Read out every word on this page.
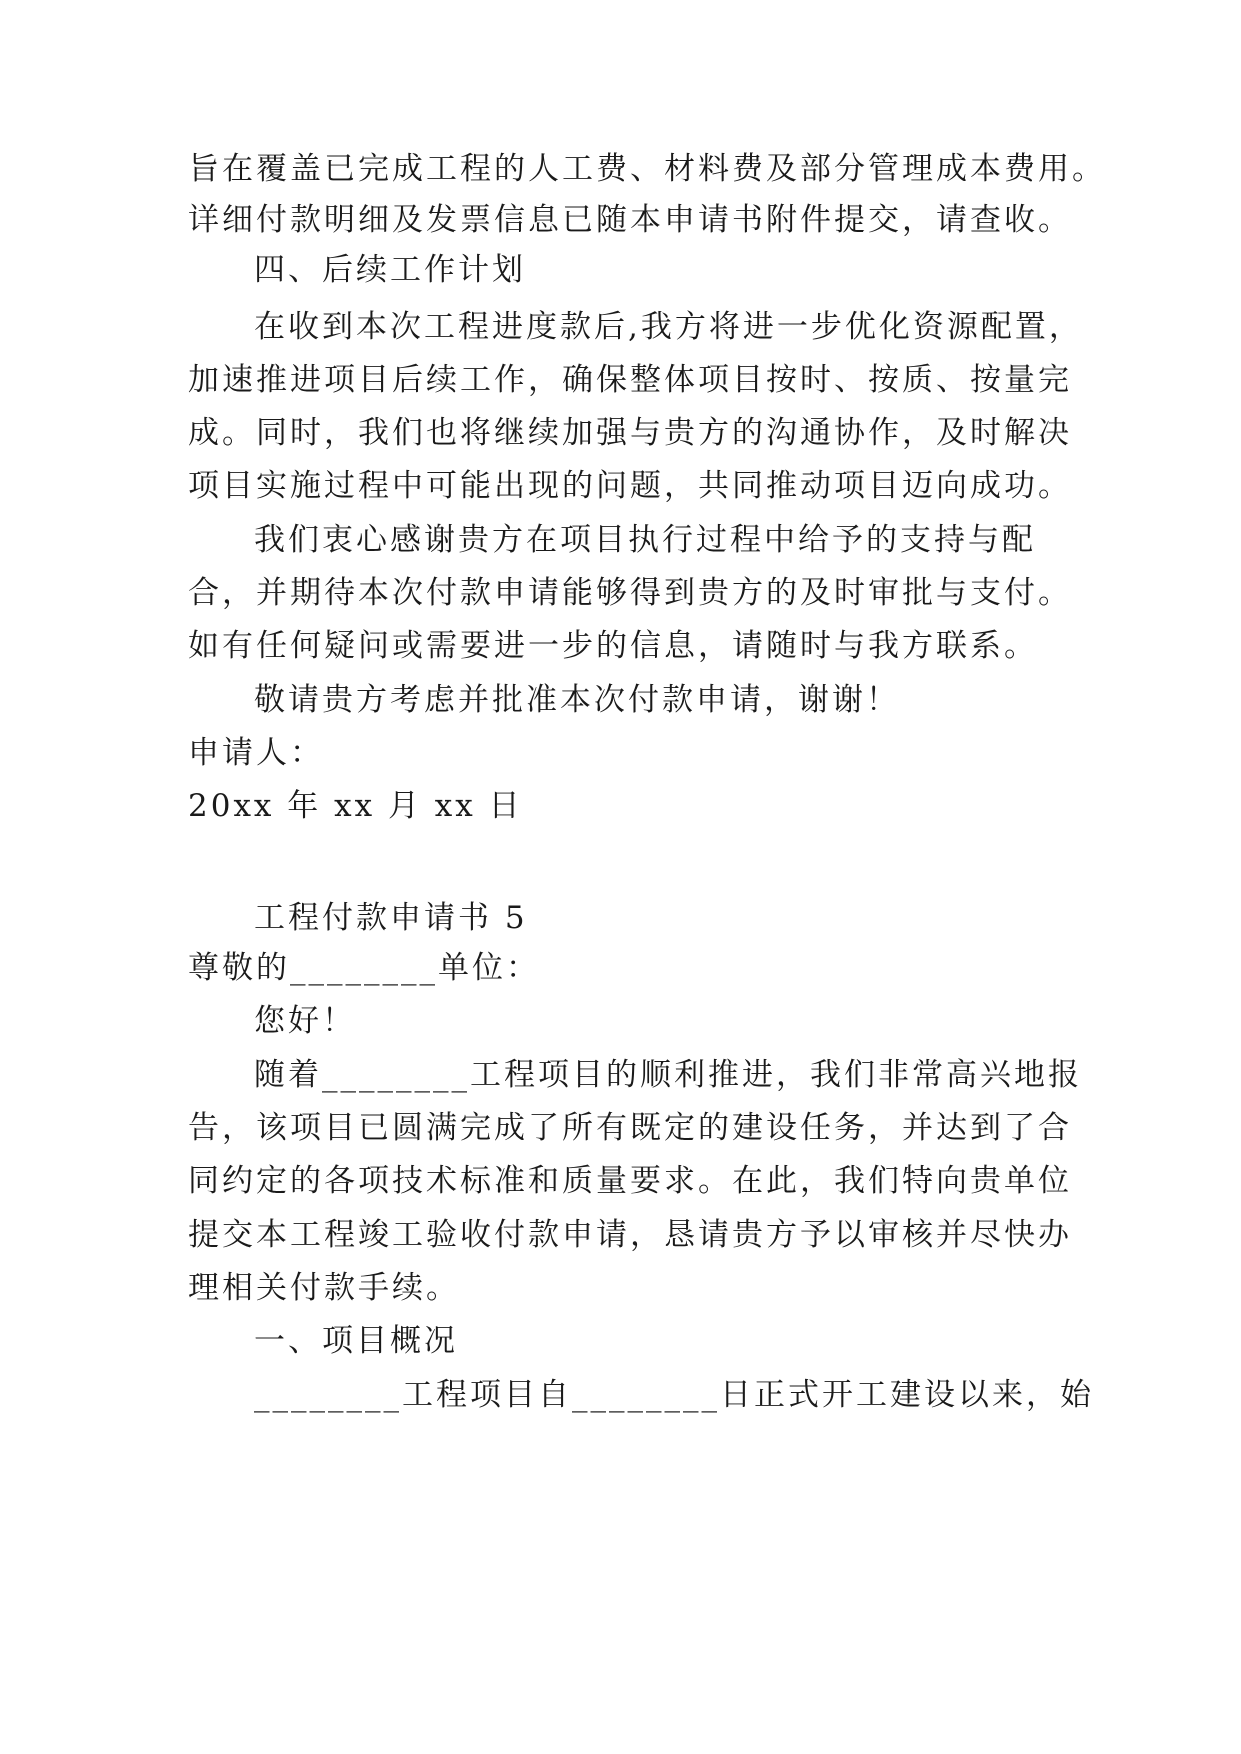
旨在覆盖已完成工程的人工费、材料费及部分管理成本费用。
详细付款明细及发票信息已随本申请书附件提交，请查收。
四、后续工作计划
在收到本次工程进度款后,我方将进一步优化资源配置，
加速推进项目后续工作，确保整体项目按时、按质、按量完
成。同时，我们也将继续加强与贵方的沟通协作，及时解决
项目实施过程中可能出现的问题，共同推动项目迈向成功。
我们衷心感谢贵方在项目执行过程中给予的支持与配
合，并期待本次付款申请能够得到贵方的及时审批与支付。
如有任何疑问或需要进一步的信息，请随时与我方联系。
敬请贵方考虑并批准本次付款申请，谢谢！
申请人：
20xx 年 xx 月 xx 日
工程付款申请书 5
尊敬的________单位：
您好！
随着________工程项目的顺利推进，我们非常高兴地报
告，该项目已圆满完成了所有既定的建设任务，并达到了合
同约定的各项技术标准和质量要求。在此，我们特向贵单位
提交本工程竣工验收付款申请，恳请贵方予以审核并尽快办
理相关付款手续。
一、项目概况
________工程项目自________日正式开工建设以来，始
